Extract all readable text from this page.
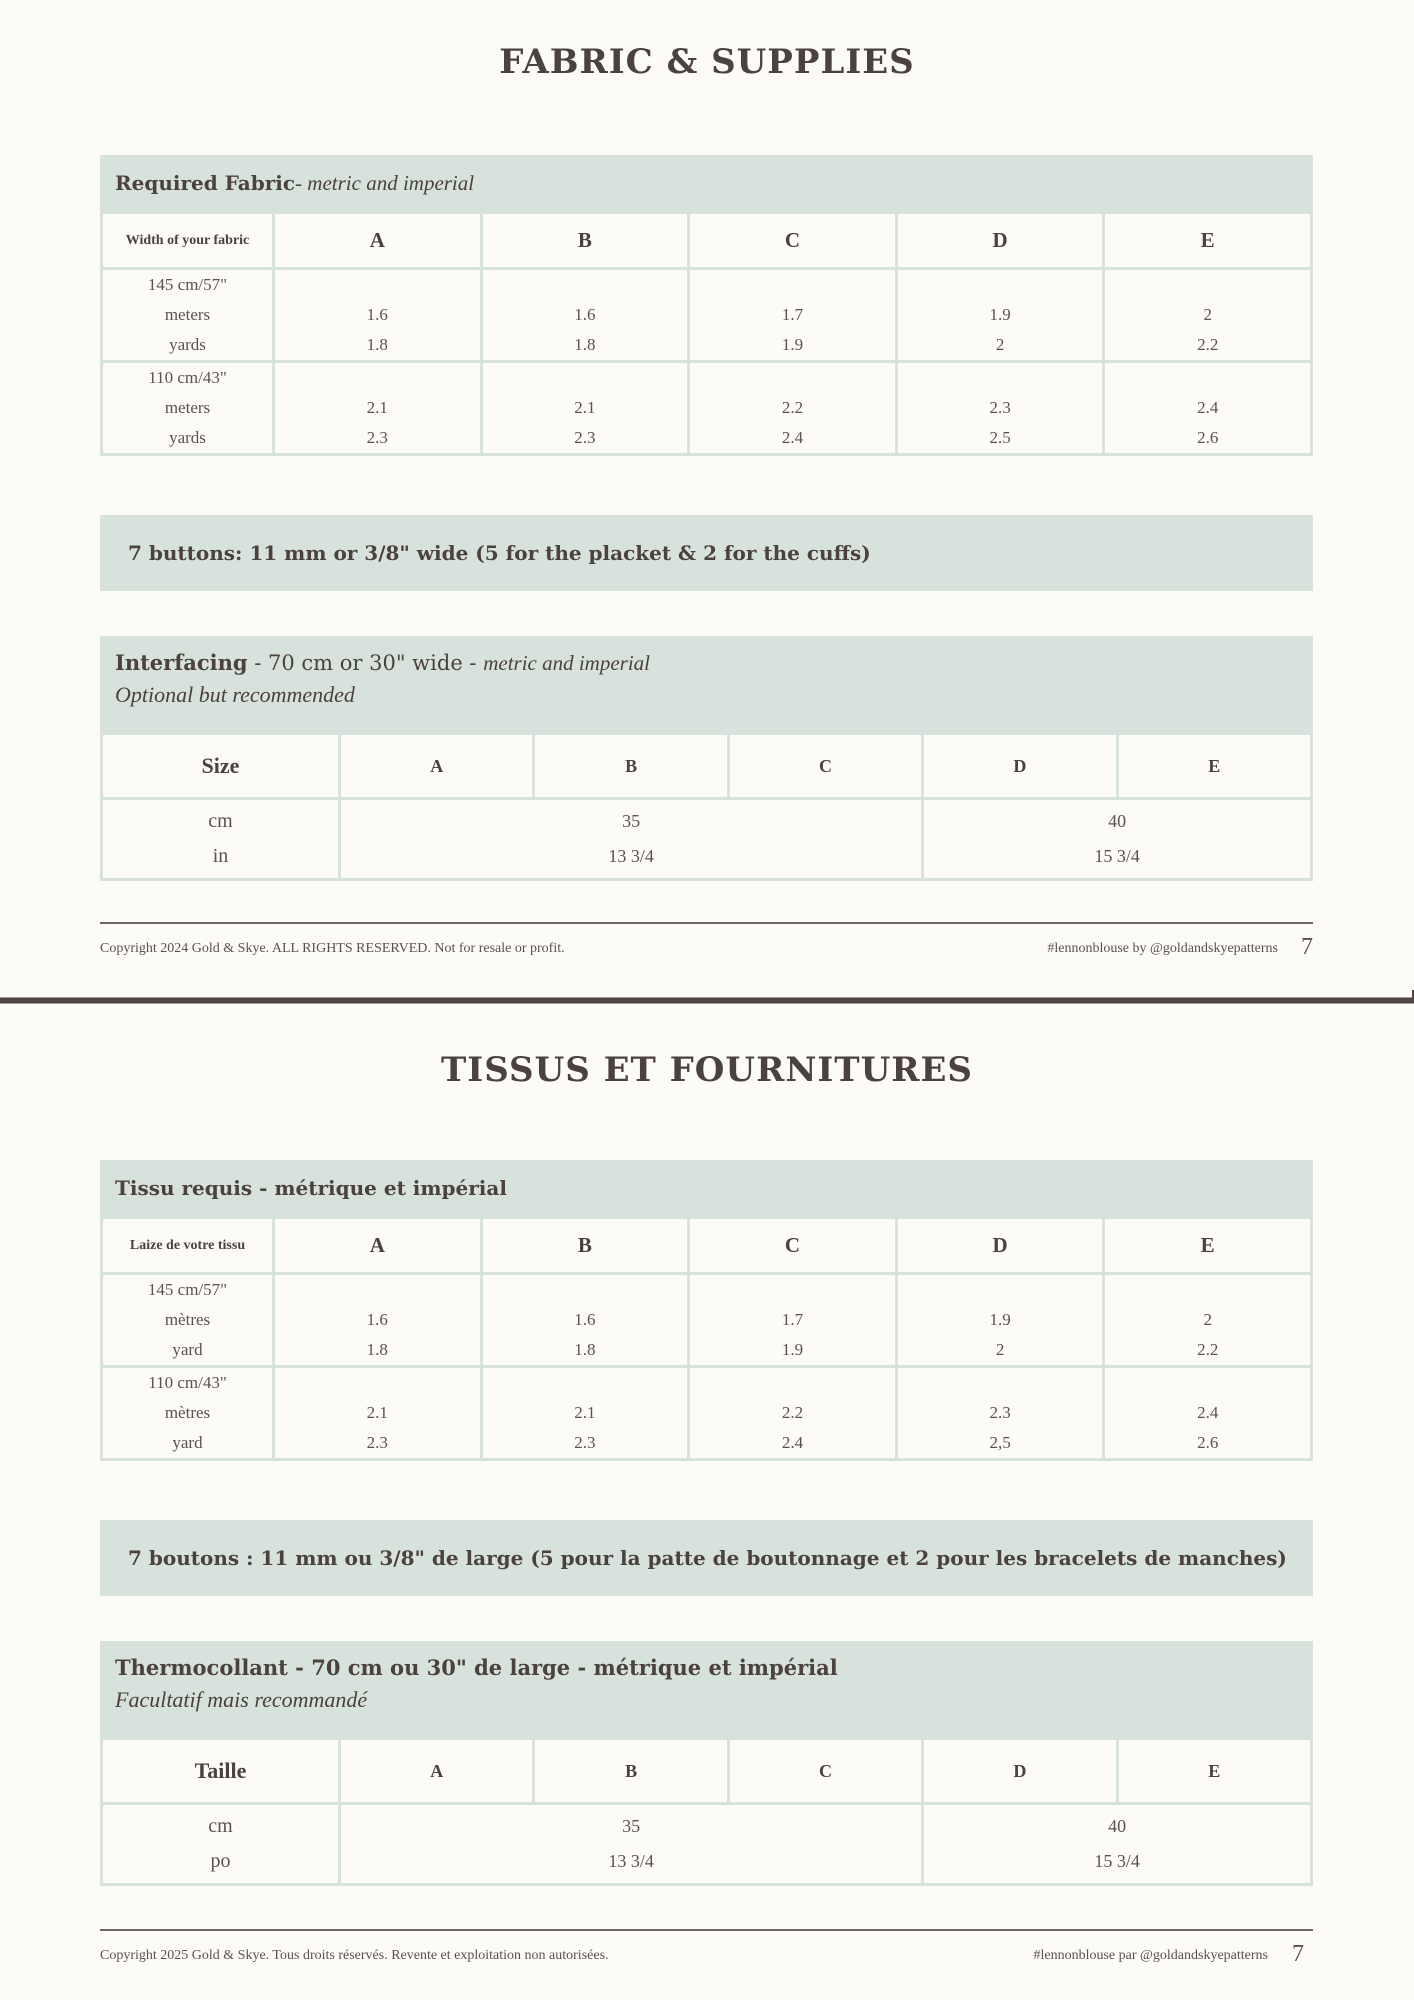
FABRIC & SUPPLIES
Required Fabric - metric and imperial
Width of your fabric	A	B	C	D	E
145 cm/57"					
meters	1.6	1.6	1.7	1.9	2
yards	1.8	1.8	1.9	2	2.2
110 cm/43"					
meters	2.1	2.1	2.2	2.3	2.4
yards	2.3	2.3	2.4	2.5	2.6
7 buttons: 11 mm or 3/8" wide (5 for the placket & 2 for the cuffs)
Interfacing - 70 cm or 30" wide - metric and imperial
Optional but recommended
Size	A	B	C	D	E
cm	35			40	
in	13 3/4			15 3/4	
Copyright 2024 Gold & Skye. ALL RIGHTS RESERVED. Not for resale or profit.	#lennonblouse by @goldandskyepatterns 7
TISSUS ET FOURNITURES
Tissu requis - métrique et impérial
Laize de votre tissu	A	B	C	D	E
145 cm/57"					
mètres	1.6	1.6	1.7	1.9	2
yard	1.8	1.8	1.9	2	2.2
110 cm/43"					
mètres	2.1	2.1	2.2	2.3	2.4
yard	2.3	2.3	2.4	2,5	2.6
7 boutons : 11 mm ou 3/8" de large (5 pour la patte de boutonnage et 2 pour les bracelets de manches)
Thermocollant - 70 cm ou 30" de large - métrique et impérial
Facultatif mais recommandé
Taille	A	B	C	D	E
cm	35			40	
po	13 3/4			15 3/4	
Copyright 2025 Gold & Skye. Tous droits réservés. Revente et exploitation non autorisées.	#lennonblouse par @goldandskyepatterns 7
